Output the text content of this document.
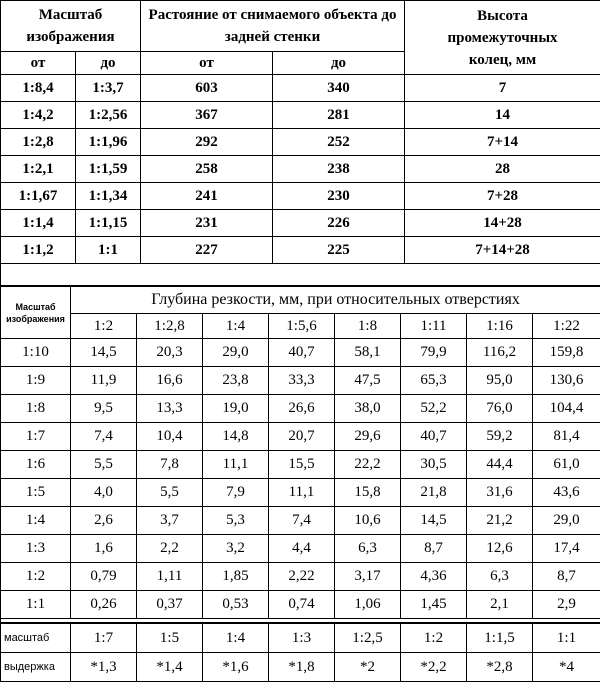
Масштаб изображения		Растояние от снимаемого объекта до задней стенки		Высота промежуточных колец, мм
от	до	от	до	
1:8,4	1:3,7	603	340	7
1:4,2	1:2,56	367	281	14
1:2,8	1:1,96	292	252	7+14
1:2,1	1:1,59	258	238	28
1:1,67	1:1,34	241	230	7+28
1:1,4	1:1,15	231	226	14+28
1:1,2	1:1	227	225	7+14+28
Масштаб изображения	Глубина резкости, мм, при относительных отверстиях							
	1:2	1:2,8	1:4	1:5,6	1:8	1:11	1:16	1:22
1:10	14,5	20,3	29,0	40,7	58,1	79,9	116,2	159,8
1:9	11,9	16,6	23,8	33,3	47,5	65,3	95,0	130,6
1:8	9,5	13,3	19,0	26,6	38,0	52,2	76,0	104,4
1:7	7,4	10,4	14,8	20,7	29,6	40,7	59,2	81,4
1:6	5,5	7,8	11,1	15,5	22,2	30,5	44,4	61,0
1:5	4,0	5,5	7,9	11,1	15,8	21,8	31,6	43,6
1:4	2,6	3,7	5,3	7,4	10,6	14,5	21,2	29,0
1:3	1,6	2,2	3,2	4,4	6,3	8,7	12,6	17,4
1:2	0,79	1,11	1,85	2,22	3,17	4,36	6,3	8,7
1:1	0,26	0,37	0,53	0,74	1,06	1,45	2,1	2,9
масштаб	1:7	1:5	1:4	1:3	1:2,5	1:2	1:1,5	1:1
выдержка	*1,3	*1,4	*1,6	*1,8	*2	*2,2	*2,8	*4
